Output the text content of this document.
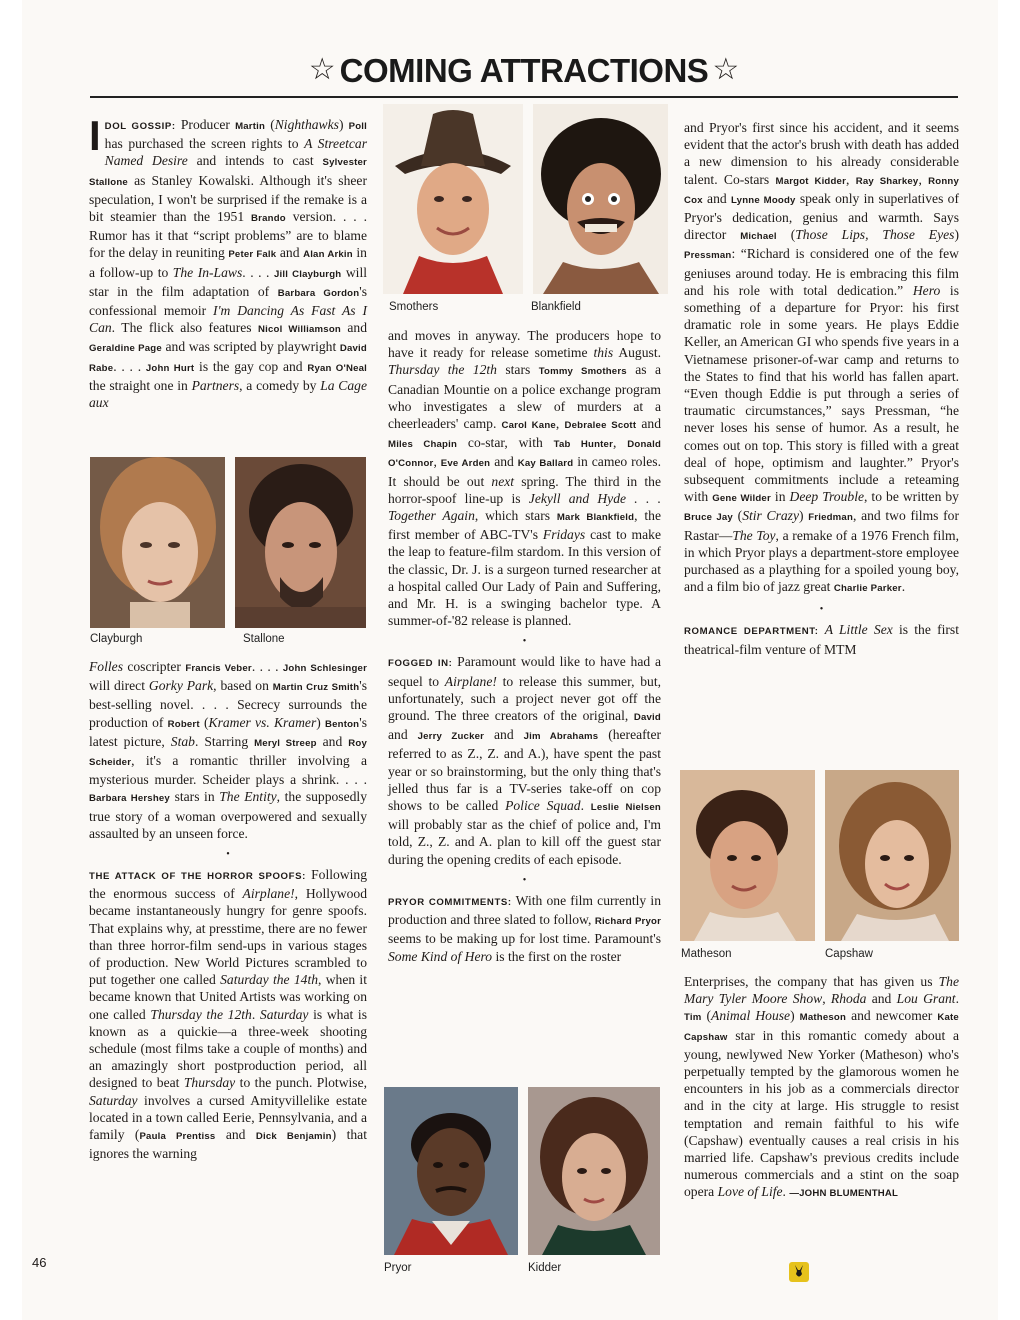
☆ COMING ATTRACTIONS ☆

IDOL GOSSIP: Producer Martin (Nighthawks) Poll has purchased the screen rights to A Streetcar Named Desire and intends to cast Sylvester Stallone as Stanley Kowalski. Although it's sheer speculation, I won't be surprised if the remake is a bit steamier than the 1951 Brando version. . . . Rumor has it that “script problems” are to blame for the delay in reuniting Peter Falk and Alan Arkin in a follow-up to The In-Laws. . . . Jill Clayburgh will star in the film adaptation of Barbara Gordon's confessional memoir I'm Dancing As Fast As I Can. The flick also features Nicol Williamson and Geraldine Page and was scripted by playwright David Rabe. . . . John Hurt is the gay cop and Ryan O'Neal the straight one in Partners, a comedy by La Cage aux

Clayburgh	Stallone

Folles coscripter Francis Veber. . . . John Schlesinger will direct Gorky Park, based on Martin Cruz Smith's best-selling novel. . . . Secrecy surrounds the production of Robert (Kramer vs. Kramer) Benton's latest picture, Stab. Starring Meryl Streep and Roy Scheider, it's a romantic thriller involving a mysterious murder. Scheider plays a shrink. . . . Barbara Hershey stars in The Entity, the supposedly true story of a woman overpowered and sexually assaulted by an unseen force.

•

THE ATTACK OF THE HORROR SPOOFS: Following the enormous success of Airplane!, Hollywood became instantaneously hungry for genre spoofs. That explains why, at presstime, there are no fewer than three horror-film send-ups in various stages of production. New World Pictures scrambled to put together one called Saturday the 14th, when it became known that United Artists was working on one called Thursday the 12th. Saturday is what is known as a quickie—a three-week shooting schedule (most films take a couple of months) and an amazingly short postproduction period, all designed to beat Thursday to the punch. Plotwise, Saturday involves a cursed Amityvillelike estate located in a town called Eerie, Pennsylvania, and a family (Paula Prentiss and Dick Benjamin) that ignores the warning

Smothers	Blankfield

and moves in anyway. The producers hope to have it ready for release sometime this August. Thursday the 12th stars Tommy Smothers as a Canadian Mountie on a police exchange program who investigates a slew of murders at a cheerleaders' camp. Carol Kane, Debralee Scott and Miles Chapin co-star, with Tab Hunter, Donald O'Connor, Eve Arden and Kay Ballard in cameo roles. It should be out next spring. The third in the horror-spoof line-up is Jekyll and Hyde . . . Together Again, which stars Mark Blankfield, the first member of ABC-TV's Fridays cast to make the leap to feature-film stardom. In this version of the classic, Dr. J. is a surgeon turned researcher at a hospital called Our Lady of Pain and Suffering, and Mr. H. is a swinging bachelor type. A summer-of-'82 release is planned.

•

FOGGED IN: Paramount would like to have had a sequel to Airplane! to release this summer, but, unfortunately, such a project never got off the ground. The three creators of the original, David and Jerry Zucker and Jim Abrahams (hereafter referred to as Z., Z. and A.), have spent the past year or so brainstorming, but the only thing that's jelled thus far is a TV-series take-off on cop shows to be called Police Squad. Leslie Nielsen will probably star as the chief of police and, I'm told, Z., Z. and A. plan to kill off the guest star during the opening credits of each episode.

•

PRYOR COMMITMENTS: With one film currently in production and three slated to follow, Richard Pryor seems to be making up for lost time. Paramount's Some Kind of Hero is the first on the roster

Pryor	Kidder

and Pryor's first since his accident, and it seems evident that the actor's brush with death has added a new dimension to his already considerable talent. Co-stars Margot Kidder, Ray Sharkey, Ronny Cox and Lynne Moody speak only in superlatives of Pryor's dedication, genius and warmth. Says director Michael (Those Lips, Those Eyes) Pressman: “Richard is considered one of the few geniuses around today. He is embracing this film and his role with total dedication.” Hero is something of a departure for Pryor: his first dramatic role in some years. He plays Eddie Keller, an American GI who spends five years in a Vietnamese prisoner-of-war camp and returns to the States to find that his world has fallen apart. “Even though Eddie is put through a series of traumatic circumstances,” says Pressman, “he never loses his sense of humor. As a result, he comes out on top. This story is filled with a great deal of hope, optimism and laughter.” Pryor's subsequent commitments include a reteaming with Gene Wilder in Deep Trouble, to be written by Bruce Jay (Stir Crazy) Friedman, and two films for Rastar—The Toy, a remake of a 1976 French film, in which Pryor plays a department-store employee purchased as a plaything for a spoiled young boy, and a film bio of jazz great Charlie Parker.

•

ROMANCE DEPARTMENT: A Little Sex is the first theatrical-film venture of MTM

Matheson	Capshaw

Enterprises, the company that has given us The Mary Tyler Moore Show, Rhoda and Lou Grant. Tim (Animal House) Matheson and newcomer Kate Capshaw star in this romantic comedy about a young, newlywed New Yorker (Matheson) who's perpetually tempted by the glamorous women he encounters in his job as a commercials director and in the city at large. His struggle to resist temptation and remain faithful to his wife (Capshaw) eventually causes a real crisis in his married life. Capshaw's previous credits include numerous commercials and a stint on the soap opera Love of Life. —JOHN BLUMENTHAL

46
